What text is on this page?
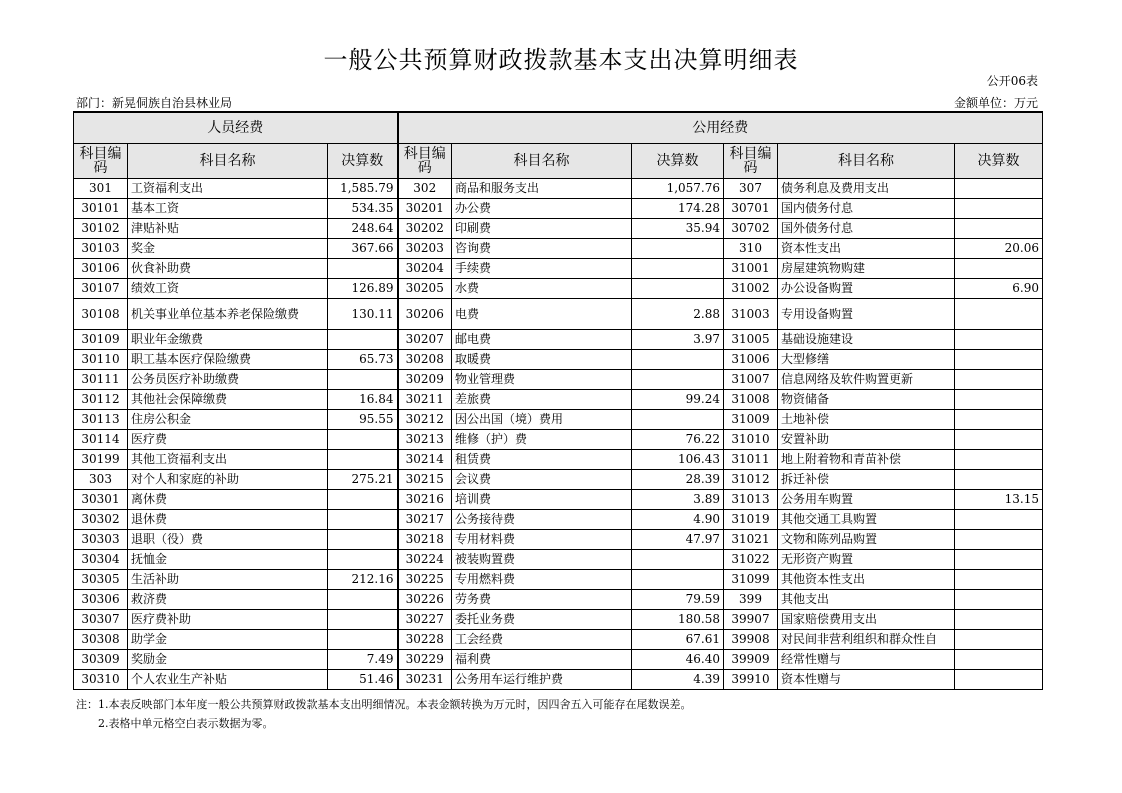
一般公共预算财政拨款基本支出决算明细表
公开06表
部门：新晃侗族自治县林业局	金额单位：万元
人员经费			公用经费					
科目编码	科目名称	决算数	科目编码	科目名称	决算数	科目编码	科目名称	决算数
301	工资福利支出	1,585.79	302	商品和服务支出	1,057.76	307	债务利息及费用支出	
30101	基本工资	534.35	30201	办公费	174.28	30701	国内债务付息	
30102	津贴补贴	248.64	30202	印刷费	35.94	30702	国外债务付息	
30103	奖金	367.66	30203	咨询费		310	资本性支出	20.06
30106	伙食补助费		30204	手续费		31001	房屋建筑物购建	
30107	绩效工资	126.89	30205	水费		31002	办公设备购置	6.90
30108	机关事业单位基本养老保险缴费	130.11	30206	电费	2.88	31003	专用设备购置	
30109	职业年金缴费		30207	邮电费	3.97	31005	基础设施建设	
30110	职工基本医疗保险缴费	65.73	30208	取暖费		31006	大型修缮	
30111	公务员医疗补助缴费		30209	物业管理费		31007	信息网络及软件购置更新	
30112	其他社会保障缴费	16.84	30211	差旅费	99.24	31008	物资储备	
30113	住房公积金	95.55	30212	因公出国（境）费用		31009	土地补偿	
30114	医疗费		30213	维修（护）费	76.22	31010	安置补助	
30199	其他工资福利支出		30214	租赁费	106.43	31011	地上附着物和青苗补偿	
303	对个人和家庭的补助	275.21	30215	会议费	28.39	31012	拆迁补偿	
30301	离休费		30216	培训费	3.89	31013	公务用车购置	13.15
30302	退休费		30217	公务接待费	4.90	31019	其他交通工具购置	
30303	退职（役）费		30218	专用材料费	47.97	31021	文物和陈列品购置	
30304	抚恤金		30224	被装购置费		31022	无形资产购置	
30305	生活补助	212.16	30225	专用燃料费		31099	其他资本性支出	
30306	救济费		30226	劳务费	79.59	399	其他支出	
30307	医疗费补助		30227	委托业务费	180.58	39907	国家赔偿费用支出	
30308	助学金		30228	工会经费	67.61	39908	对民间非营利组织和群众性自	
30309	奖励金	7.49	30229	福利费	46.40	39909	经常性赠与	
30310	个人农业生产补贴	51.46	30231	公务用车运行维护费	4.39	39910	资本性赠与	
注：1.本表反映部门本年度一般公共预算财政拨款基本支出明细情况。本表金额转换为万元时，因四舍五入可能存在尾数误差。
2.表格中单元格空白表示数据为零。
